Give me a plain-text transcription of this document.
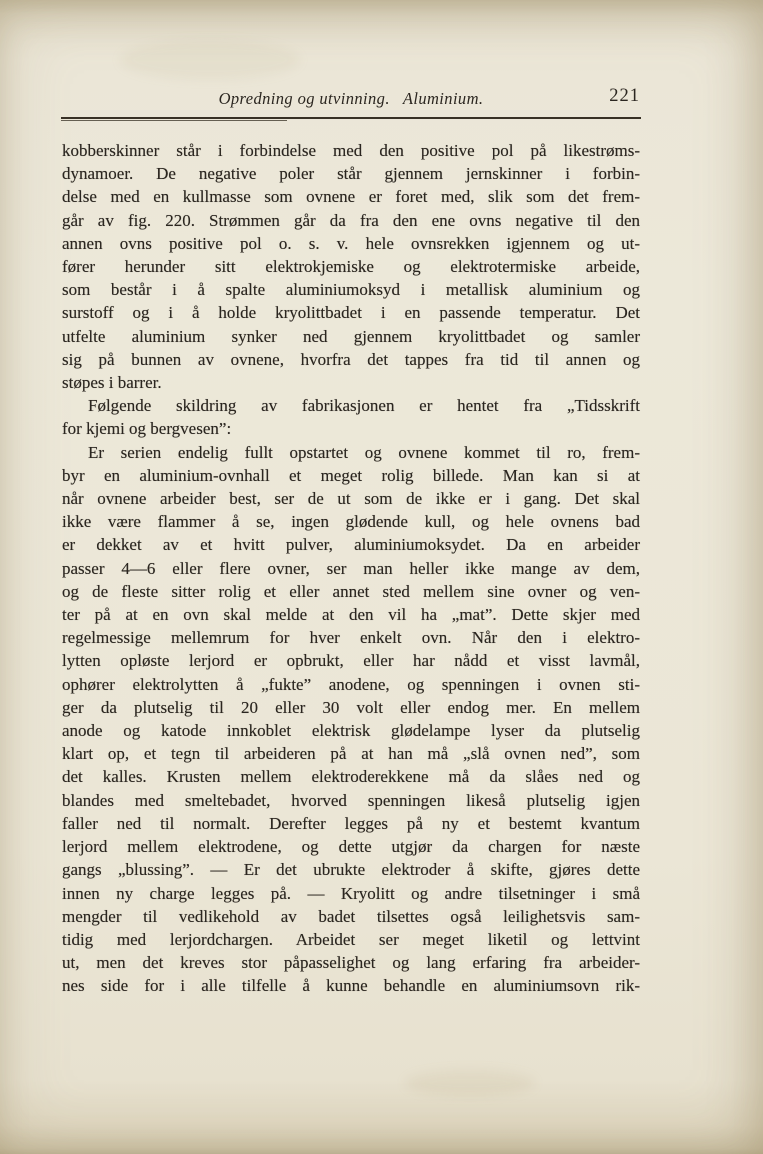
Opredning og utvinning. Aluminium.	221
kobberskinner står i forbindelse med den positive pol på likestrøms-
dynamoer. De negative poler står gjennem jernskinner i forbin-
delse med en kullmasse som ovnene er foret med, slik som det frem-
går av fig. 220. Strømmen går da fra den ene ovns negative til den
annen ovns positive pol o. s. v. hele ovnsrekken igjennem og ut-
fører herunder sitt elektrokjemiske og elektrotermiske arbeide,
som består i å spalte aluminiumoksyd i metallisk aluminium og
surstoff og i å holde kryolittbadet i en passende temperatur. Det
utfelte aluminium synker ned gjennem kryolittbadet og samler
sig på bunnen av ovnene, hvorfra det tappes fra tid til annen og
støpes i barrer.
Følgende skildring av fabrikasjonen er hentet fra „Tidsskrift
for kjemi og bergvesen”:
Er serien endelig fullt opstartet og ovnene kommet til ro, frem-
byr en aluminium-ovnhall et meget rolig billede. Man kan si at
når ovnene arbeider best, ser de ut som de ikke er i gang. Det skal
ikke være flammer å se, ingen glødende kull, og hele ovnens bad
er dekket av et hvitt pulver, aluminiumoksydet. Da en arbeider
passer 4—6 eller flere ovner, ser man heller ikke mange av dem,
og de fleste sitter rolig et eller annet sted mellem sine ovner og ven-
ter på at en ovn skal melde at den vil ha „mat”. Dette skjer med
regelmessige mellemrum for hver enkelt ovn. Når den i elektro-
lytten opløste lerjord er opbrukt, eller har nådd et visst lavmål,
ophører elektrolytten å „fukte” anodene, og spenningen i ovnen sti-
ger da plutselig til 20 eller 30 volt eller endog mer. En mellem
anode og katode innkoblet elektrisk glødelampe lyser da plutselig
klart op, et tegn til arbeideren på at han må „slå ovnen ned”, som
det kalles. Krusten mellem elektroderekkene må da slåes ned og
blandes med smeltebadet, hvorved spenningen likeså plutselig igjen
faller ned til normalt. Derefter legges på ny et bestemt kvantum
lerjord mellem elektrodene, og dette utgjør da chargen for næste
gangs „blussing”. — Er det ubrukte elektroder å skifte, gjøres dette
innen ny charge legges på. — Kryolitt og andre tilsetninger i små
mengder til vedlikehold av badet tilsettes også leilighetsvis sam-
tidig med lerjordchargen. Arbeidet ser meget liketil og lettvint
ut, men det kreves stor påpasselighet og lang erfaring fra arbeider-
nes side for i alle tilfelle å kunne behandle en aluminiumsovn rik-
